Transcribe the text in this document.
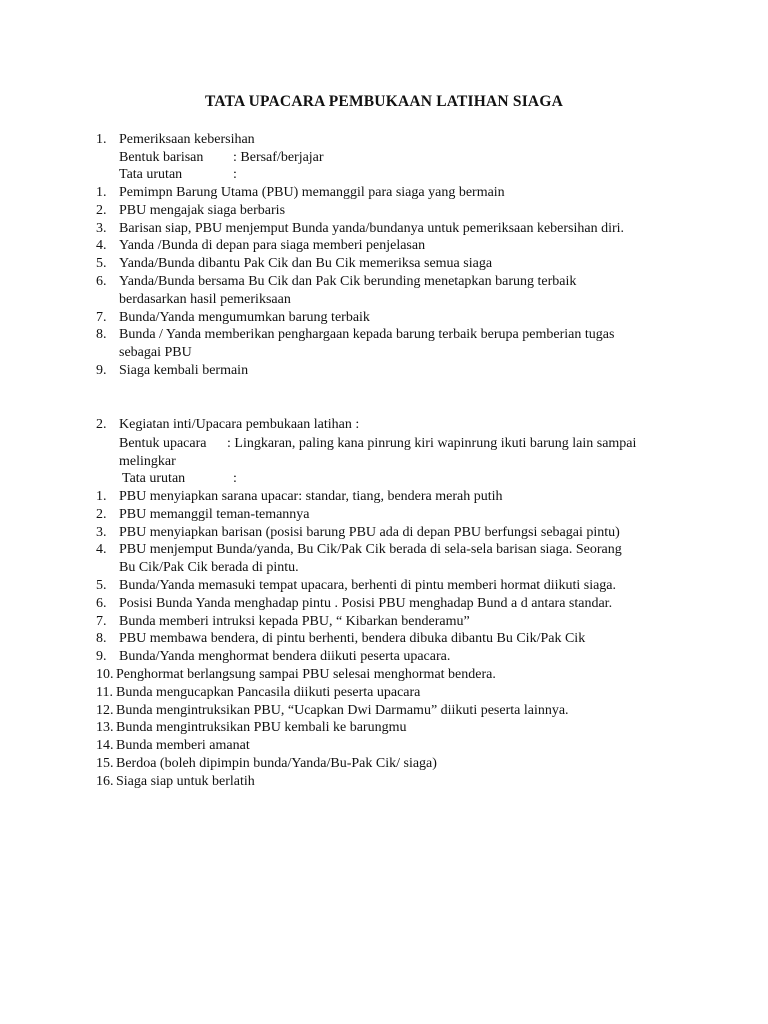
TATA UPACARA PEMBUKAAN LATIHAN SIAGA
1. Pemeriksaan kebersihan
Bentuk barisan : Bersaf/berjajar
Tata urutan	:
1. Pemimpn Barung Utama (PBU) memanggil para siaga yang bermain
2. PBU mengajak siaga berbaris
3. Barisan siap, PBU menjemput Bunda yanda/bundanya untuk pemeriksaan kebersihan diri.
4. Yanda /Bunda di depan para siaga memberi penjelasan
5. Yanda/Bunda dibantu Pak Cik dan Bu Cik memeriksa semua siaga
6. Yanda/Bunda bersama Bu Cik dan Pak Cik berunding menetapkan barung terbaik
berdasarkan hasil pemeriksaan
7. Bunda/Yanda mengumumkan barung terbaik
8. Bunda / Yanda memberikan penghargaan kepada barung terbaik berupa pemberian tugas
sebagai PBU
9. Siaga kembali bermain
2. Kegiatan inti/Upacara pembukaan latihan :
Bentuk upacara : Lingkaran, paling kana pinrung kiri wapinrung ikuti barung lain sampai
melingkar
Tata urutan	:
1. PBU menyiapkan sarana upacar: standar, tiang, bendera merah putih
2. PBU memanggil teman-temannya
3. PBU menyiapkan barisan (posisi barung PBU ada di depan PBU berfungsi sebagai pintu)
4. PBU menjemput Bunda/yanda, Bu Cik/Pak Cik berada di sela-sela barisan siaga. Seorang
Bu Cik/Pak Cik berada di pintu.
5. Bunda/Yanda memasuki tempat upacara, berhenti di pintu memberi hormat diikuti siaga.
6. Posisi Bunda Yanda menghadap pintu . Posisi PBU menghadap Bund a d antara standar.
7. Bunda memberi intruksi kepada PBU, “ Kibarkan benderamu”
8. PBU membawa bendera, di pintu berhenti, bendera dibuka dibantu Bu Cik/Pak Cik
9. Bunda/Yanda menghormat bendera diikuti peserta upacara.
10. Penghormat berlangsung sampai PBU selesai menghormat bendera.
11. Bunda mengucapkan Pancasila diikuti peserta upacara
12. Bunda mengintruksikan PBU, “Ucapkan Dwi Darmamu” diikuti peserta lainnya.
13. Bunda mengintruksikan PBU kembali ke barungmu
14. Bunda memberi amanat
15. Berdoa (boleh dipimpin bunda/Yanda/Bu-Pak Cik/ siaga)
16. Siaga siap untuk berlatih
